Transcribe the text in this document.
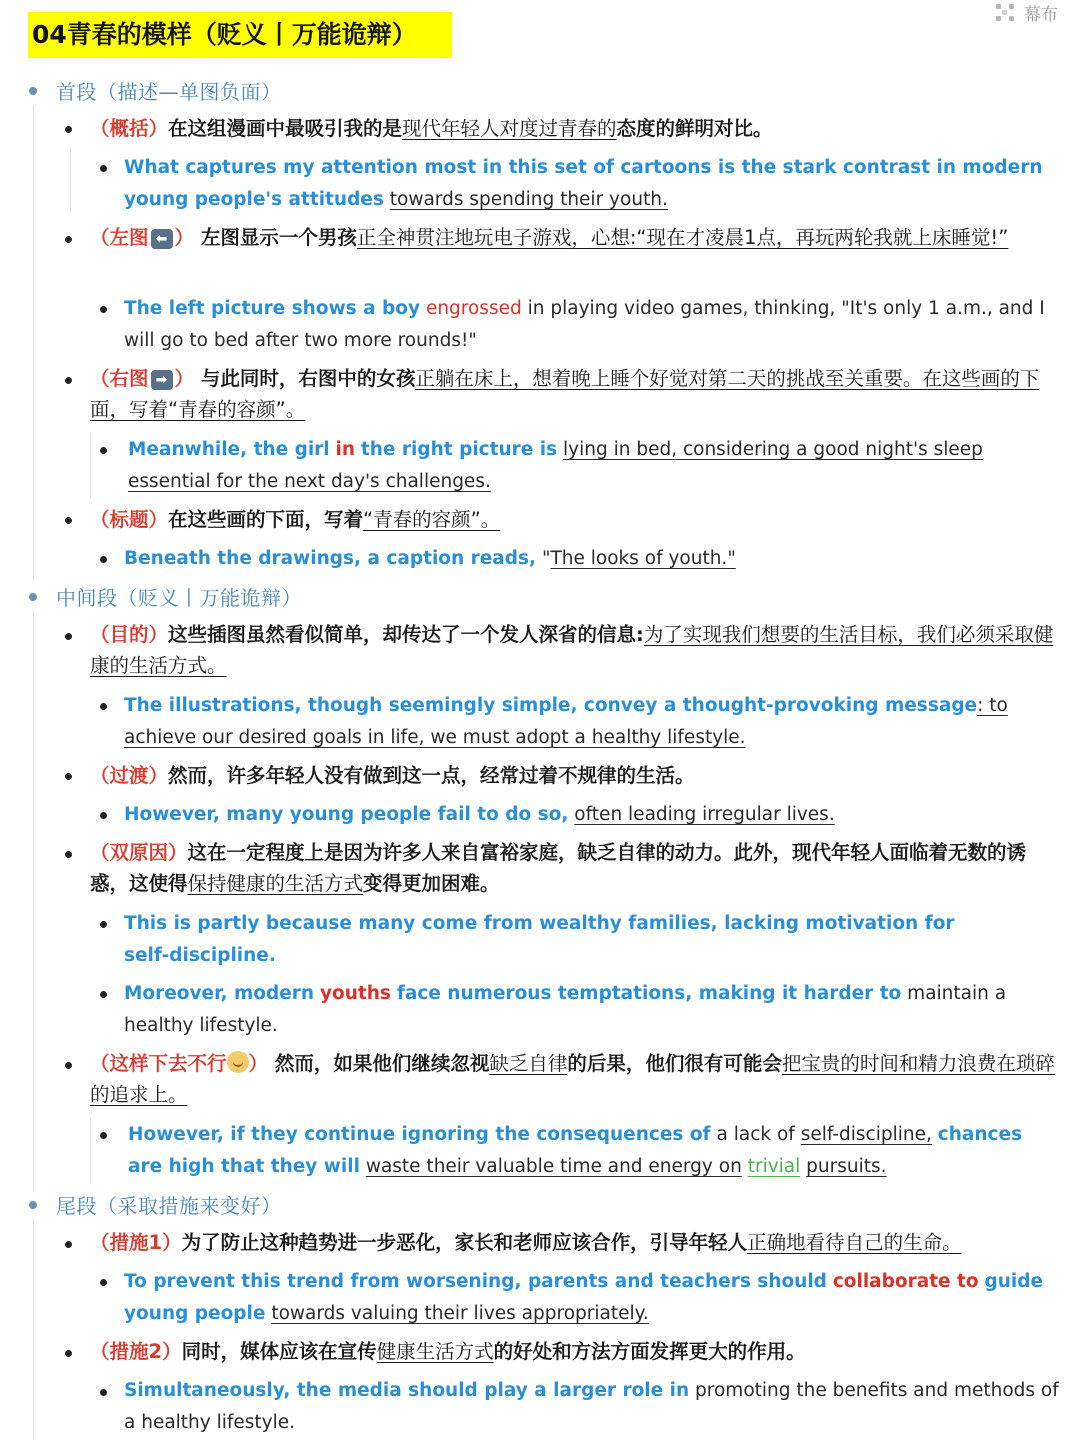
04青春的模样（贬义丨万能诡辩）
幕布
首段（描述—单图负面）
（概括）在这组漫画中最吸引我的是现代年轻人对度过青春的态度的鲜明对比。
What captures my attention most in this set of cartoons is the stark contrast in modern young people's attitudes towards spending their youth.
（左图 ⬅ ） 左图显示一个男孩正全神贯注地玩电子游戏，心想:“现在才凌晨1点，再玩两轮我就上床睡觉!”
The left picture shows a boy engrossed in playing video games, thinking, "It's only 1 a.m., and I will go to bed after two more rounds!"
（右图 ➡ ） 与此同时，右图中的女孩正躺在床上，想着晚上睡个好觉对第二天的挑战至关重要。在这些画的下面，写着“青春的容颜”。
Meanwhile, the girl in the right picture is lying in bed, considering a good night's sleep essential for the next day's challenges.
（标题）在这些画的下面，写着“青春的容颜”。
Beneath the drawings, a caption reads, "The looks of youth."
中间段（贬义丨万能诡辩）
（目的）这些插图虽然看似简单，却传达了一个发人深省的信息:为了实现我们想要的生活目标，我们必须采取健康的生活方式。
The illustrations, though seemingly simple, convey a thought-provoking message: to achieve our desired goals in life, we must adopt a healthy lifestyle.
（过渡）然而，许多年轻人没有做到这一点，经常过着不规律的生活。
However, many young people fail to do so, often leading irregular lives.
（双原因）这在一定程度上是因为许多人来自富裕家庭，缺乏自律的动力。此外，现代年轻人面临着无数的诱惑，这使得保持健康的生活方式变得更加困难。
This is partly because many come from wealthy families, lacking motivation for self-discipline.
Moreover, modern youths face numerous temptations, making it harder to maintain a healthy lifestyle.
（这样下去不行 ） 然而，如果他们继续忽视缺乏自律的后果，他们很有可能会把宝贵的时间和精力浪费在琐碎的追求上。
However, if they continue ignoring the consequences of a lack of self-discipline, chances are high that they will waste their valuable time and energy on trivial pursuits.
尾段（采取措施来变好）
（措施1）为了防止这种趋势进一步恶化，家长和老师应该合作，引导年轻人正确地看待自己的生命。
To prevent this trend from worsening, parents and teachers should collaborate to guide young people towards valuing their lives appropriately.
（措施2）同时，媒体应该在宣传健康生活方式的好处和方法方面发挥更大的作用。
Simultaneously, the media should play a larger role in promoting the benefits and methods of a healthy lifestyle.
